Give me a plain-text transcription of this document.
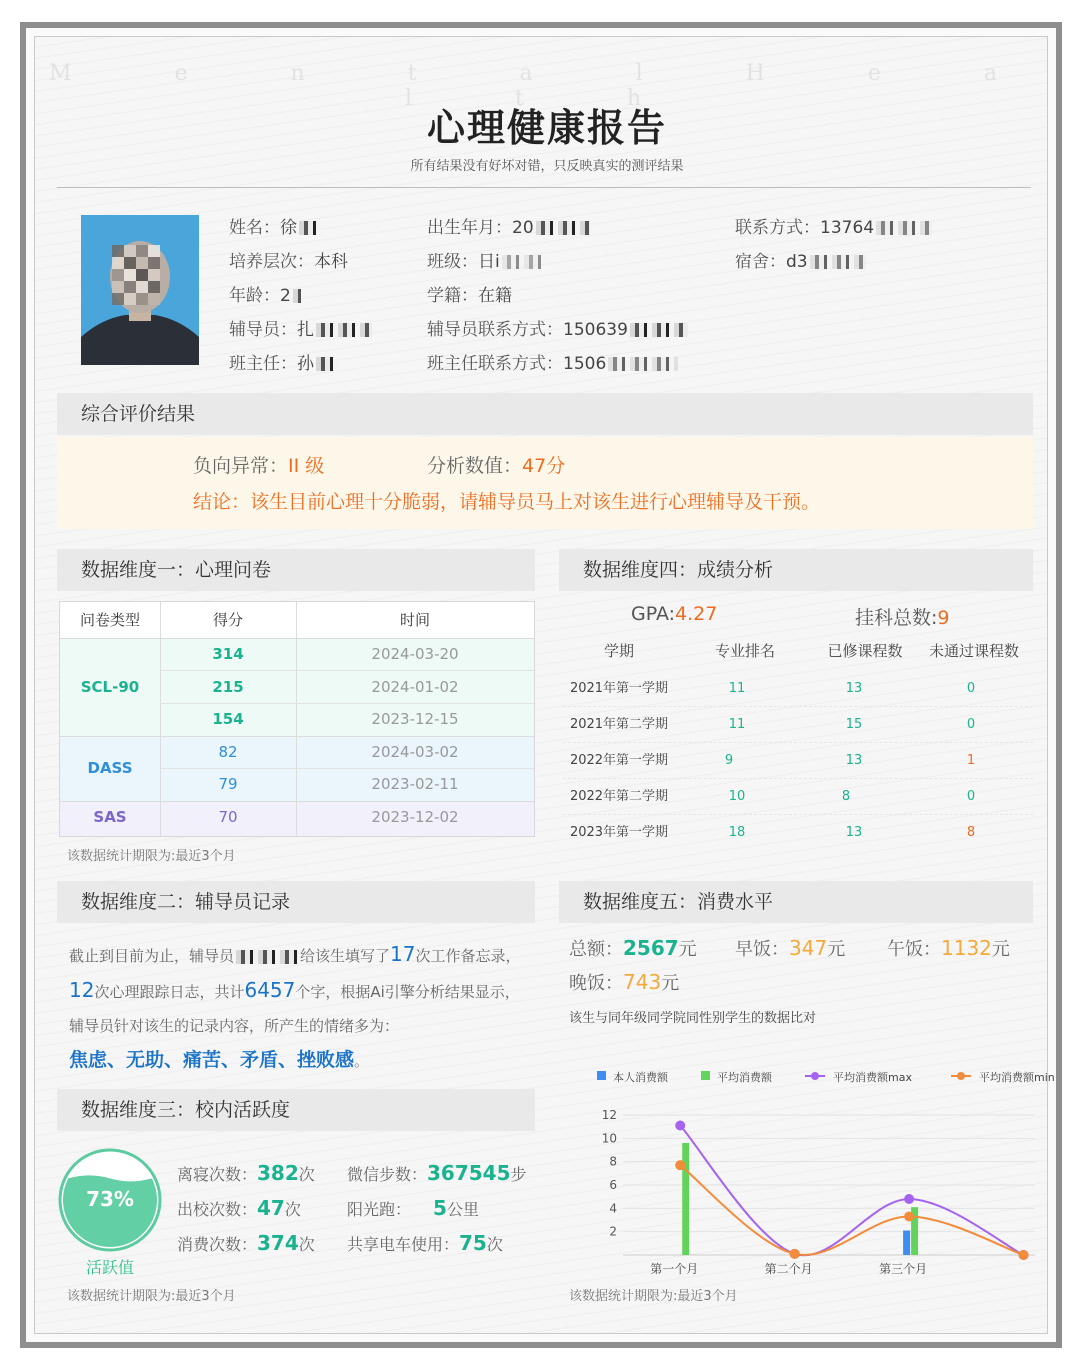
M e n t a l H e a l t h
心理健康报告
所有结果没有好坏对错，只反映真实的测评结果
姓名：徐
培养层次：本科
年龄：2
辅导员：扎
班主任：孙
出生年月：20
班级：日i
学籍：在籍
辅导员联系方式：150639
班主任联系方式：1506
联系方式：13764
宿舍：d3
综合评价结果
负向异常：II 级	分析数值：47分
结论：该生目前心理十分脆弱，请辅导员马上对该生进行心理辅导及干预。
数据维度一：心理问卷
问卷类型	得分	时间
SCL-90
314	2024-03-20
215	2024-01-02
154	2023-12-15
DASS
82	2024-03-02
79	2023-02-11
SAS	70	2023-12-02
该数据统计期限为:最近3个月
数据维度四：成绩分析
GPA:4.27	挂科总数:9
学期	专业排名	已修课程数	未通过课程数
2021年第一学期	11	13	0
2021年第二学期	11	15	0
2022年第一学期	9	13	1
2022年第二学期	10	8	0
2023年第一学期	18	13	8
数据维度二：辅导员记录
截止到目前为止，辅导员	给该生填写了17次工作备忘录，12次心理跟踪日志，共计6457个字，根据Ai引擎分析结果显示，辅导员针对该生的记录内容，所产生的情绪多为：
焦虑、无助、痛苦、矛盾、挫败感。
数据维度三：校内活跃度
73%
活跃值
离寝次数：382次
出校次数：47次
消费次数：374次
微信步数：367545步
阳光跑： 5公里
共享电车使用：75次
该数据统计期限为:最近3个月
数据维度五：消费水平
总额：2567元 早饭：347元 午饭：1132元
晚饭：743元
该生与同年级同学院同性别学生的数据比对
本人消费额	平均消费额	平均消费额max	平均消费额min
2
4
6
8
10
12
第一个月	第二个月	第三个月
该数据统计期限为:最近3个月
